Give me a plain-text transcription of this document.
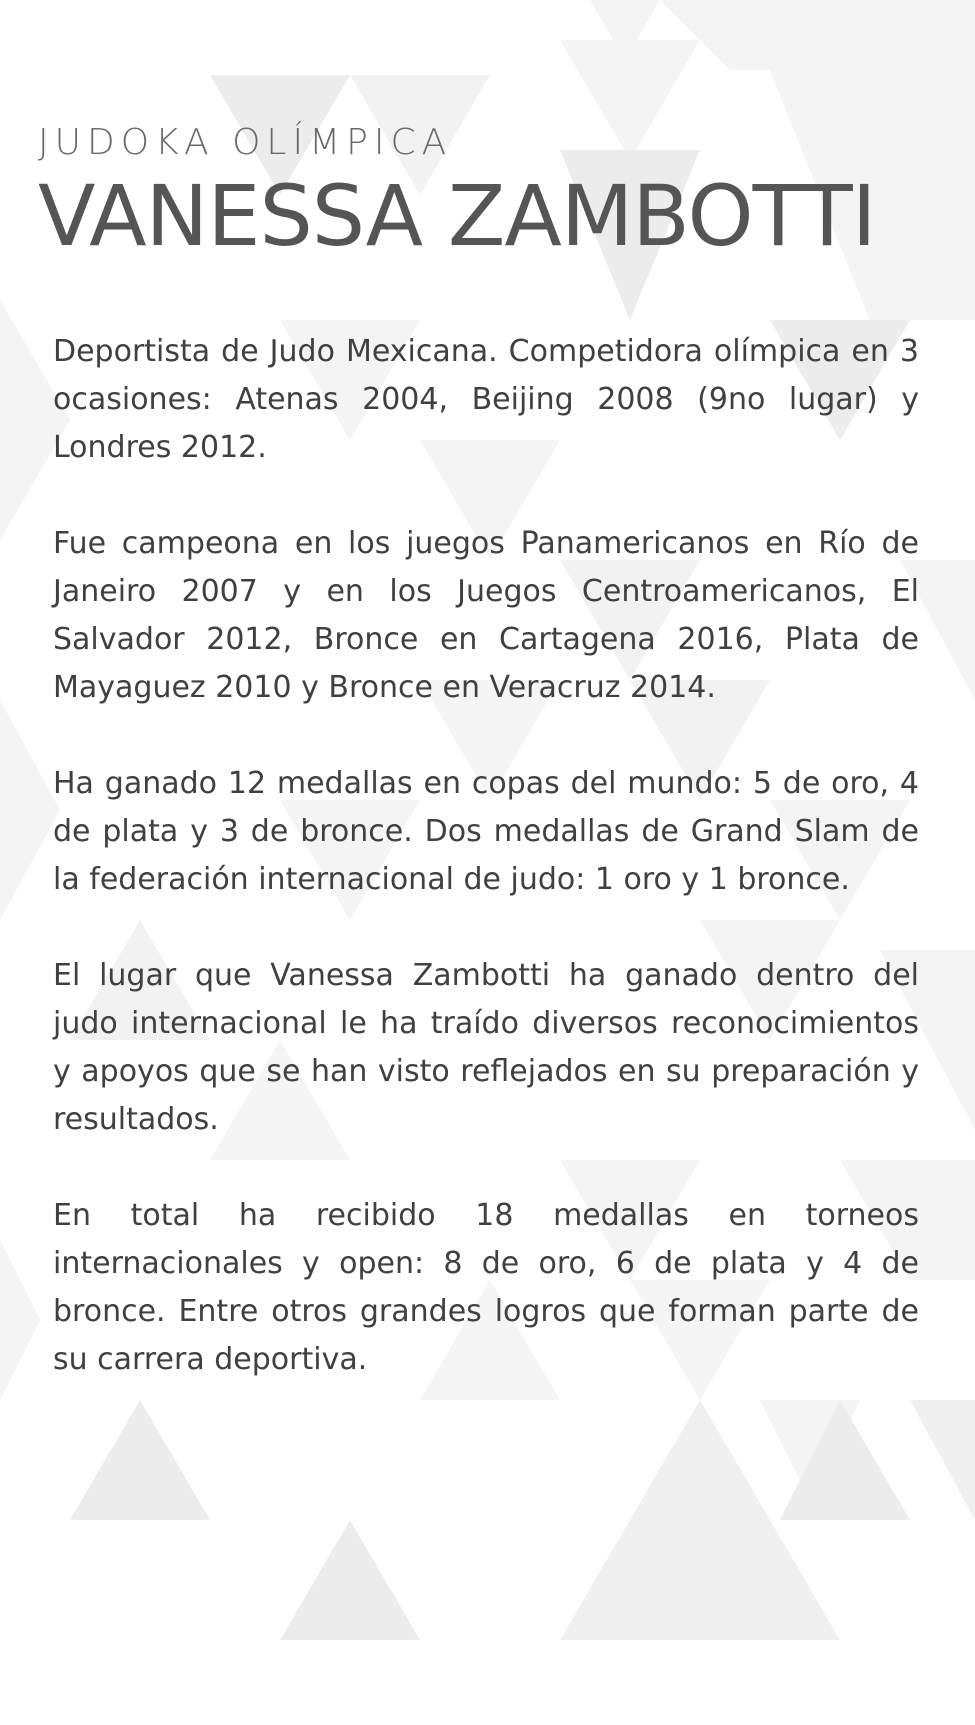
JUDOKA OLÍMPICA
VANESSA ZAMBOTTI

Deportista de Judo Mexicana. Competidora olímpica en 3 ocasiones: Atenas 2004, Beijing 2008 (9no lugar) y Londres 2012.

Fue campeona en los juegos Panamericanos en Río de Janeiro 2007 y en los Juegos Centroamericanos, El Salvador 2012, Bronce en Cartagena 2016, Plata de Mayaguez 2010 y Bronce en Veracruz 2014.

Ha ganado 12 medallas en copas del mundo: 5 de oro, 4 de plata y 3 de bronce. Dos medallas de Grand Slam de la federación internacional de judo: 1 oro y 1 bronce.

El lugar que Vanessa Zambotti ha ganado dentro del judo internacional le ha traído diversos reconocimientos y apoyos que se han visto reflejados en su preparación y resultados.

En total ha recibido 18 medallas en torneos internacionales y open: 8 de oro, 6 de plata y 4 de bronce. Entre otros grandes logros que forman parte de su carrera deportiva.
